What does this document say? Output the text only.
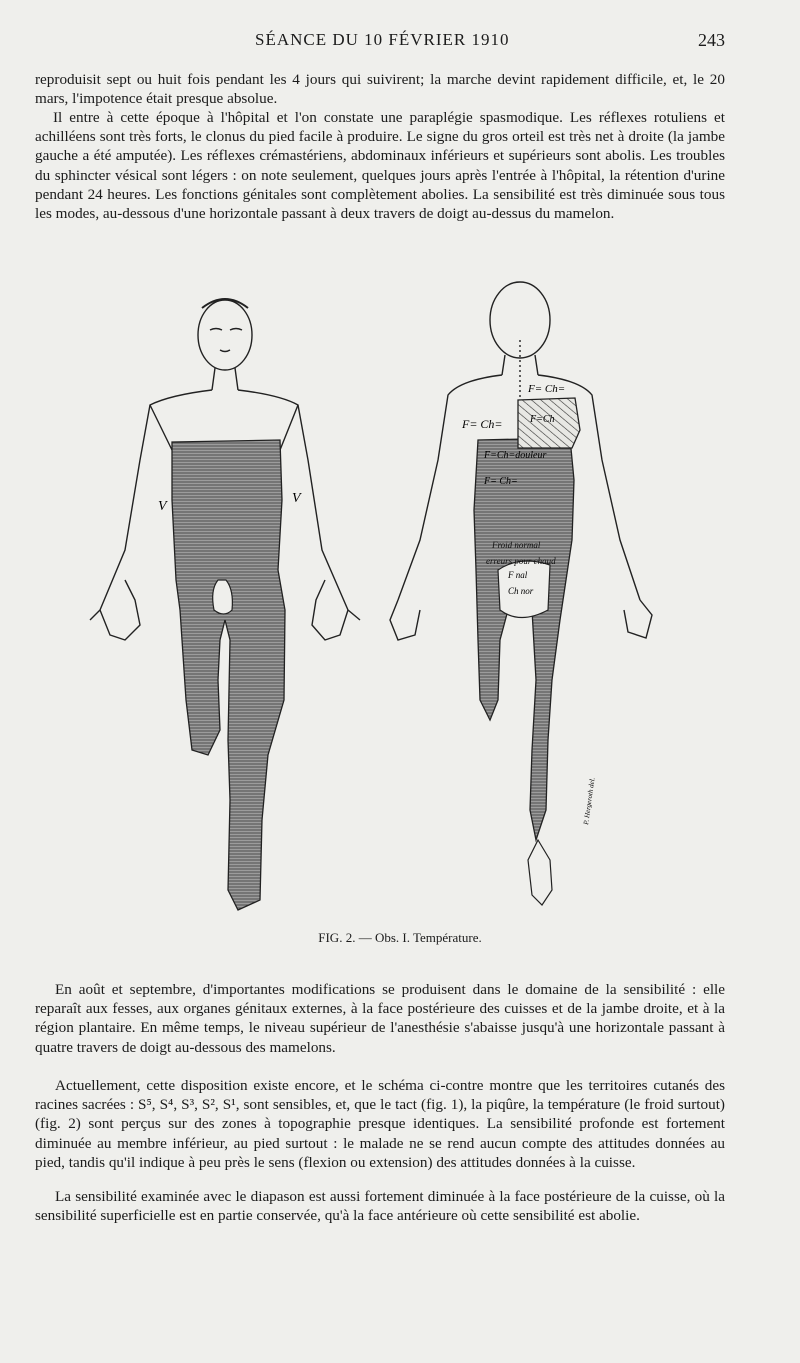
SÉANCE DU 10 FÉVRIER 1910	243

reproduisit sept ou huit fois pendant les 4 jours qui suivirent; la marche devint rapidement difficile, et, le 20 mars, l'impotence était presque absolue.

Il entre à cette époque à l'hôpital et l'on constate une paraplégie spasmodique. Les réflexes rotuliens et achilléens sont très forts, le clonus du pied facile à produire. Le signe du gros orteil est très net à droite (la jambe gauche a été amputée). Les réflexes crémastériens, abdominaux inférieurs et supérieurs sont abolis. Les troubles du sphincter vésical sont légers : on note seulement, quelques jours après l'entrée à l'hôpital, la rétention d'urine pendant 24 heures. Les fonctions génitales sont complètement abolies. La sensibilité est très diminuée sous tous les modes, au-dessous d'une horizontale passant à deux travers de doigt au-dessus du mamelon.

V
V
F= Ch=
F= Ch=	F=Ch
F=Ch=douleur
F= Ch=
Froid normal
erreurs pour chaud
F nal
Ch nor
P. Hergeroth del.
FIG. 2. — Obs. I. Température.

En août et septembre, d'importantes modifications se produisent dans le domaine de la sensibilité : elle reparaît aux fesses, aux organes génitaux externes, à la face postérieure des cuisses et de la jambe droite, et à la région plantaire. En même temps, le niveau supérieur de l'anesthésie s'abaisse jusqu'à une horizontale passant à quatre travers de doigt au-dessous des mamelons.

Actuellement, cette disposition existe encore, et le schéma ci-contre montre que les territoires cutanés des racines sacrées : S⁵, S⁴, S³, S², S¹, sont sensibles, et, que le tact (fig. 1), la piqûre, la température (le froid surtout) (fig. 2) sont perçus sur des zones à topographie presque identiques. La sensibilité profonde est fortement diminuée au membre inférieur, au pied surtout : le malade ne se rend aucun compte des attitudes données au pied, tandis qu'il indique à peu près le sens (flexion ou extension) des attitudes données à la cuisse.

La sensibilité examinée avec le diapason est aussi fortement diminuée à la face postérieure de la cuisse, où la sensibilité superficielle est en partie conservée, qu'à la face antérieure où cette sensibilité est abolie.
